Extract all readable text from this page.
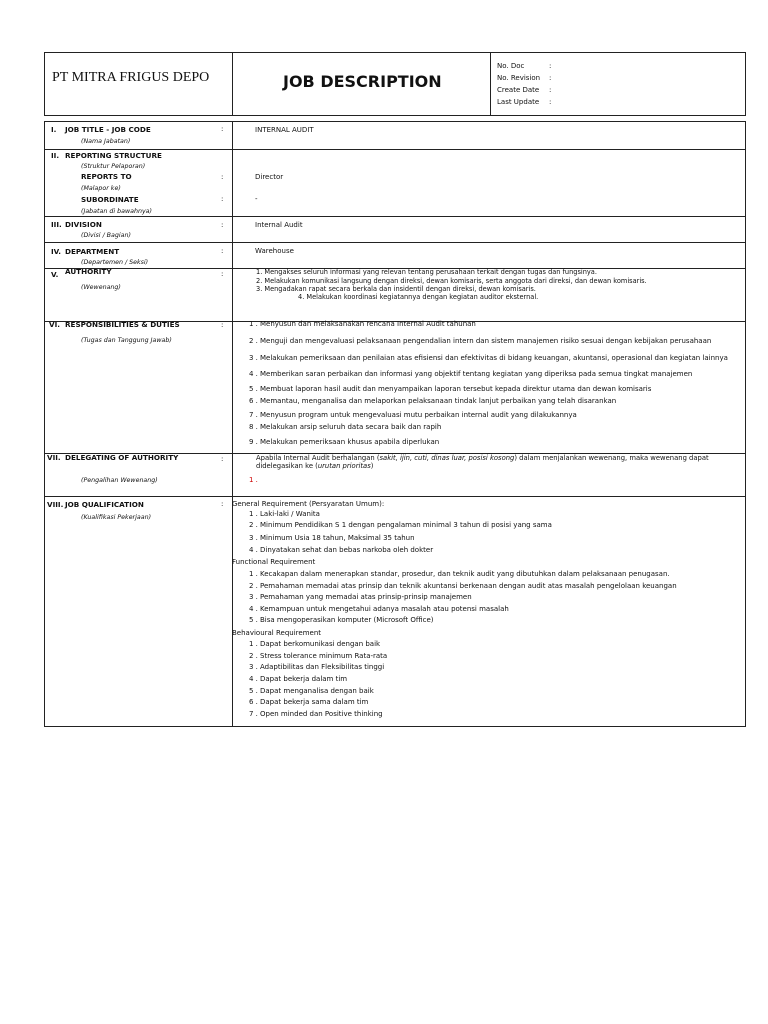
PT MITRA FRIGUS DEPO	JOB DESCRIPTION
No. Doc	:
No. Revision :
Create Date :
Last Update :
I. JOB TITLE - JOB CODE
(Nama Jabatan)
:	INTERNAL AUDIT
II. REPORTING STRUCTURE
(Struktur Pelaporan)
REPORTS TO
(Malapor ke)
:	Director
SUBORDINATE
(Jabatan di bawahnya)
:	-
III. DIVISION
(Divisi / Bagian)
:	Internal Audit
IV. DEPARTMENT
(Departemen / Seksi)
:	Warehouse
V. AUTHORITY
(Wewenang)
:	1. Mengakses seluruh informasi yang relevan tentang perusahaan terkait dengan tugas dan fungsinya.
2. Melakukan komunikasi langsung dengan direksi, dewan komisaris, serta anggota dari direksi, dan dewan komisaris.
3. Mengadakan rapat secara berkala dan insidentil dengan direksi, dewan komisaris.
4. Melakukan koordinasi kegiatannya dengan kegiatan auditor eksternal.
VI. RESPONSIBILITIES & DUTIES
(Tugas dan Tanggung Jawab)
:	1 . Menyusun dan melaksanakan rencana Internal Audit tahunan
2 . Menguji dan mengevaluasi pelaksanaan pengendalian intern dan sistem manajemen risiko sesuai dengan kebijakan perusahaan
3 . Melakukan pemeriksaan dan penilaian atas efisiensi dan efektivitas di bidang keuangan, akuntansi, operasional dan kegiatan lainnya
4 . Memberikan saran perbaikan dan informasi yang objektif tentang kegiatan yang diperiksa pada semua tingkat manajemen
5 . Membuat laporan hasil audit dan menyampaikan laporan tersebut kepada direktur utama dan dewan komisaris
6 . Memantau, menganalisa dan melaporkan pelaksanaan tindak lanjut perbaikan yang telah disarankan
7 . Menyusun program untuk mengevaluasi mutu perbaikan internal audit yang dilakukannya
8 . Melakukan arsip seluruh data secara baik dan rapih
9 . Melakukan pemeriksaan khusus apabila diperlukan
VII. DELEGATING OF AUTHORITY
(Pengalihan Wewenang)
:	Apabila Internal Audit berhalangan (sakit, ijin, cuti, dinas luar, posisi kosong) dalam menjalankan wewenang, maka wewenang dapat
didelegasikan ke (urutan prioritas)
1 .
VIII. JOB QUALIFICATION
(Kualifikasi Pekerjaan)
: General Requirement (Persyaratan Umum):
1 . Laki-laki / Wanita
2 . Minimum Pendidikan S 1 dengan pengalaman minimal 3 tahun di posisi yang sama
3 . Minimum Usia 18 tahun, Maksimal 35 tahun
4 . Dinyatakan sehat dan bebas narkoba oleh dokter
Functional Requirement
1 . Kecakapan dalam menerapkan standar, prosedur, dan teknik audit yang dibutuhkan dalam pelaksanaan penugasan.
2 . Pemahaman memadai atas prinsip dan teknik akuntansi berkenaan dengan audit atas masalah pengelolaan keuangan
3 . Pemahaman yang memadai atas prinsip-prinsip manajemen
4 . Kemampuan untuk mengetahui adanya masalah atau potensi masalah
5 . Bisa mengoperasikan komputer (Microsoft Office)
Behavioural Requirement
1 . Dapat berkomunikasi dengan baik
2 . Stress tolerance minimum Rata-rata
3 . Adaptibilitas dan Fleksibilitas tinggi
4 . Dapat bekerja dalam tim
5 . Dapat menganalisa dengan baik
6 . Dapat bekerja sama dalam tim
7 . Open minded dan Positive thinking
